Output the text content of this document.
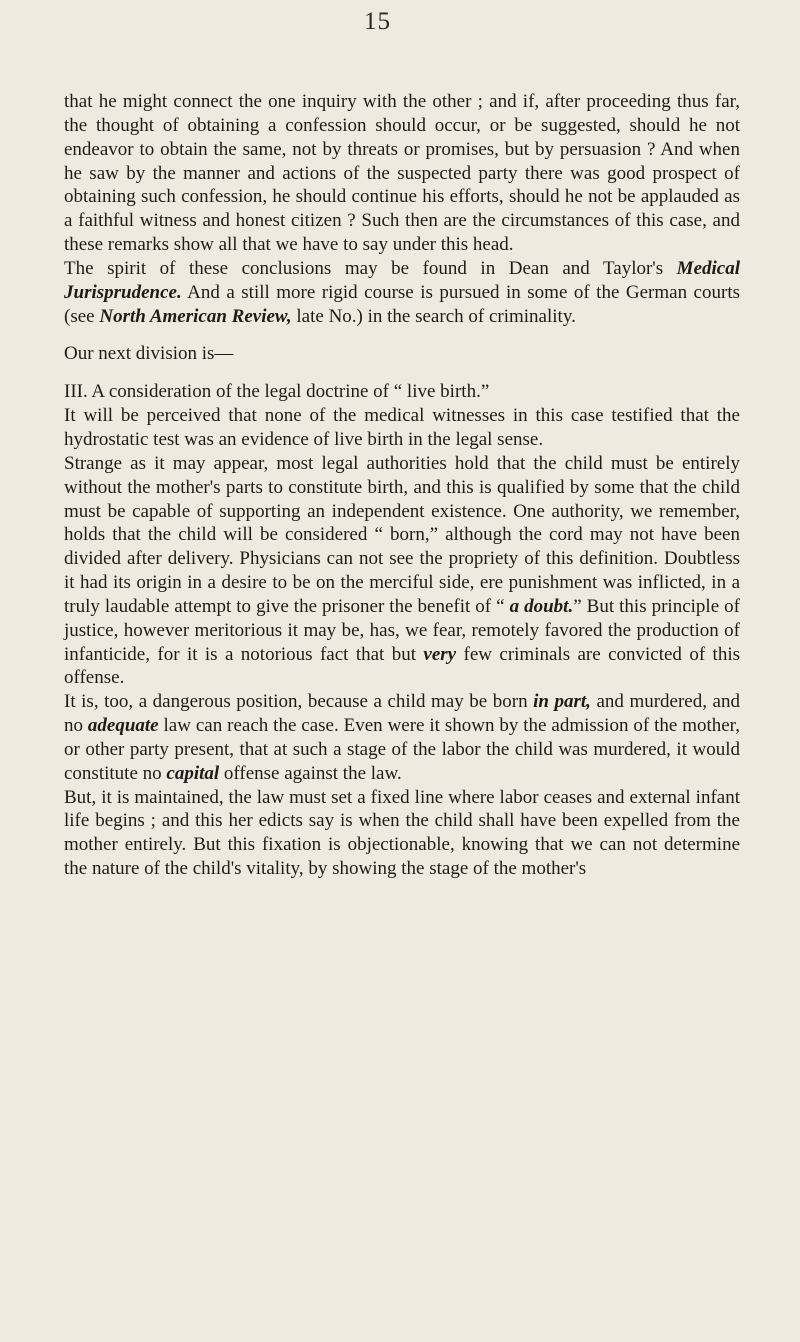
15

that he might connect the one inquiry with the other ; and if, after proceeding thus far, the thought of obtaining a confession should occur, or be suggested, should he not endeavor to obtain the same, not by threats or promises, but by persuasion ? And when he saw by the manner and actions of the suspected party there was good prospect of obtaining such confession, he should continue his efforts, should he not be applauded as a faithful witness and honest citizen ? Such then are the circumstances of this case, and these remarks show all that we have to say under this head.

The spirit of these conclusions may be found in Dean and Taylor's Medical Jurisprudence. And a still more rigid course is pursued in some of the German courts (see North American Review, late No.) in the search of criminality.

Our next division is—

III. A consideration of the legal doctrine of “ live birth.”

It will be perceived that none of the medical witnesses in this case testified that the hydrostatic test was an evidence of live birth in the legal sense.

Strange as it may appear, most legal authorities hold that the child must be entirely without the mother's parts to constitute birth, and this is qualified by some that the child must be capable of supporting an independent existence. One authority, we remember, holds that the child will be considered “ born,” although the cord may not have been divided after delivery. Physicians can not see the propriety of this definition. Doubtless it had its origin in a desire to be on the merciful side, ere punishment was inflicted, in a truly laudable attempt to give the prisoner the benefit of “ a doubt.” But this principle of justice, however meritorious it may be, has, we fear, remotely favored the production of infanticide, for it is a notorious fact that but very few criminals are convicted of this offense.

It is, too, a dangerous position, because a child may be born in part, and murdered, and no adequate law can reach the case. Even were it shown by the admission of the mother, or other party present, that at such a stage of the labor the child was murdered, it would constitute no capital offense against the law.

But, it is maintained, the law must set a fixed line where labor ceases and external infant life begins ; and this her edicts say is when the child shall have been expelled from the mother entirely. But this fixation is objectionable, knowing that we can not determine the nature of the child's vitality, by showing the stage of the mother's
